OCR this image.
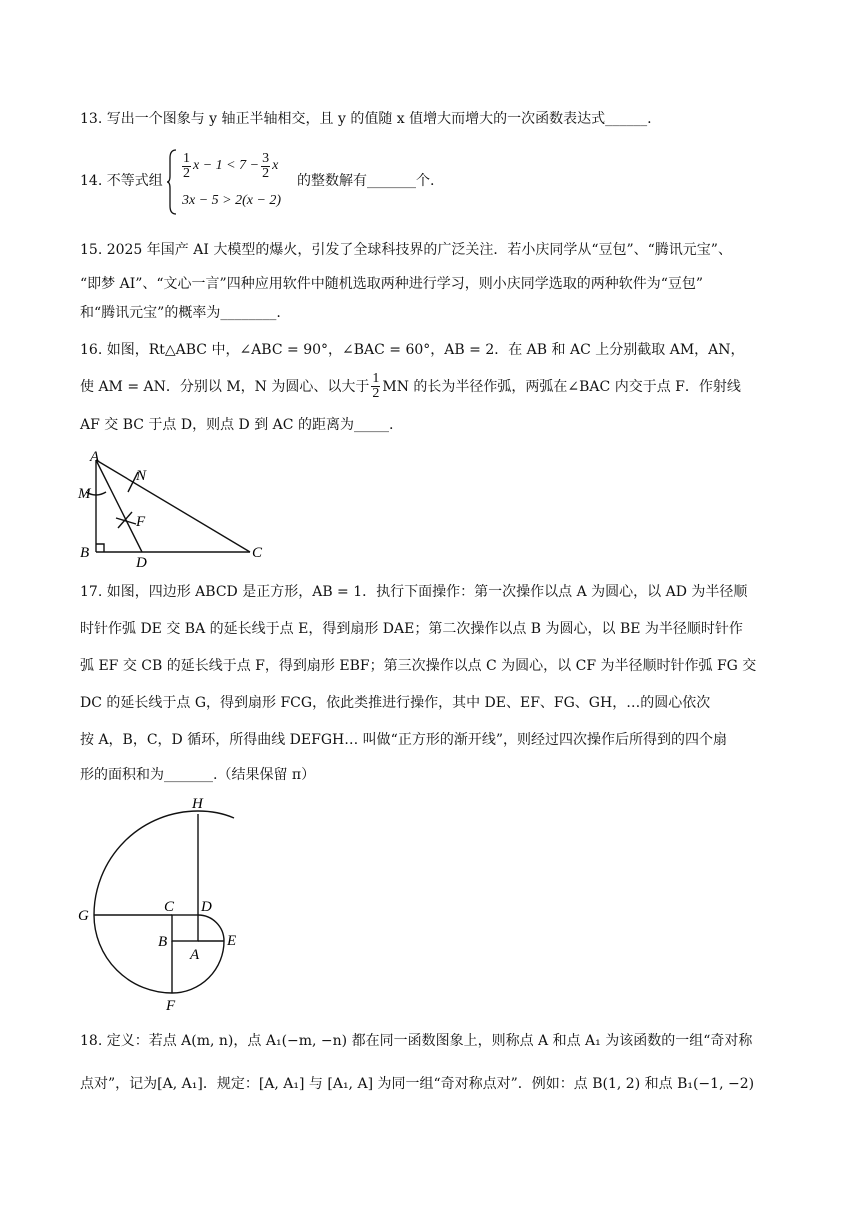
13. 写出一个图象与 y 轴正半轴相交，且 y 的值随 x 值增大而增大的一次函数表达式______.
14. 不等式组
$\frac{1}{2}$ $x - 1 < 7 - \frac{3}{2}$ x
3x − 5 > 2(x − 2)
的整数解有_______个.
15. 2025 年国产 AI 大模型的爆火，引发了全球科技界的广泛关注．若小庆同学从“豆包”、“腾讯元宝”、
“即梦 AI”、“文心一言”四种应用软件中随机选取两种进行学习，则小庆同学选取的两种软件为“豆包”
和“腾讯元宝”的概率为________.
16. 如图，Rt△ABC 中，∠ABC = 90°，∠BAC = 60°，AB = 2．在 AB 和 AC 上分别截取 AM，AN，
使 AM = AN．分别以 M，N 为圆心、以大于 $\frac{1}{2}$ MN 的长为半径作弧，两弧在∠BAC 内交于点 F．作射线
AF 交 BC 于点 D，则点 D 到 AC 的距离为_____.
A
N
M
F
B
D
C
17. 如图，四边形 ABCD 是正方形，AB = 1．执行下面操作：第一次操作以点 A 为圆心，以 AD 为半径顺
时针作弧 DE 交 BA 的延长线于点 E，得到扇形 DAE；第二次操作以点 B 为圆心，以 BE 为半径顺时针作
弧 EF 交 CB 的延长线于点 F，得到扇形 EBF；第三次操作以点 C 为圆心，以 CF 为半径顺时针作弧 FG 交
DC 的延长线于点 G，得到扇形 FCG，依此类推进行操作，其中 DE、EF、FG、GH，…的圆心依次
按 A，B，C，D 循环，所得曲线 DEFGH… 叫做“正方形的渐开线”，则经过四次操作后所得到的四个扇
形的面积和为_______.（结果保留 π）
H
G
C D
B	E
A
F
18. 定义：若点 A(m, n)，点 A₁(−m, −n) 都在同一函数图象上，则称点 A 和点 A₁ 为该函数的一组“奇对称
点对”，记为[A, A₁]．规定：[A, A₁] 与 [A₁, A] 为同一组“奇对称点对”．例如：点 B(1, 2) 和点 B₁(−1, −2)
